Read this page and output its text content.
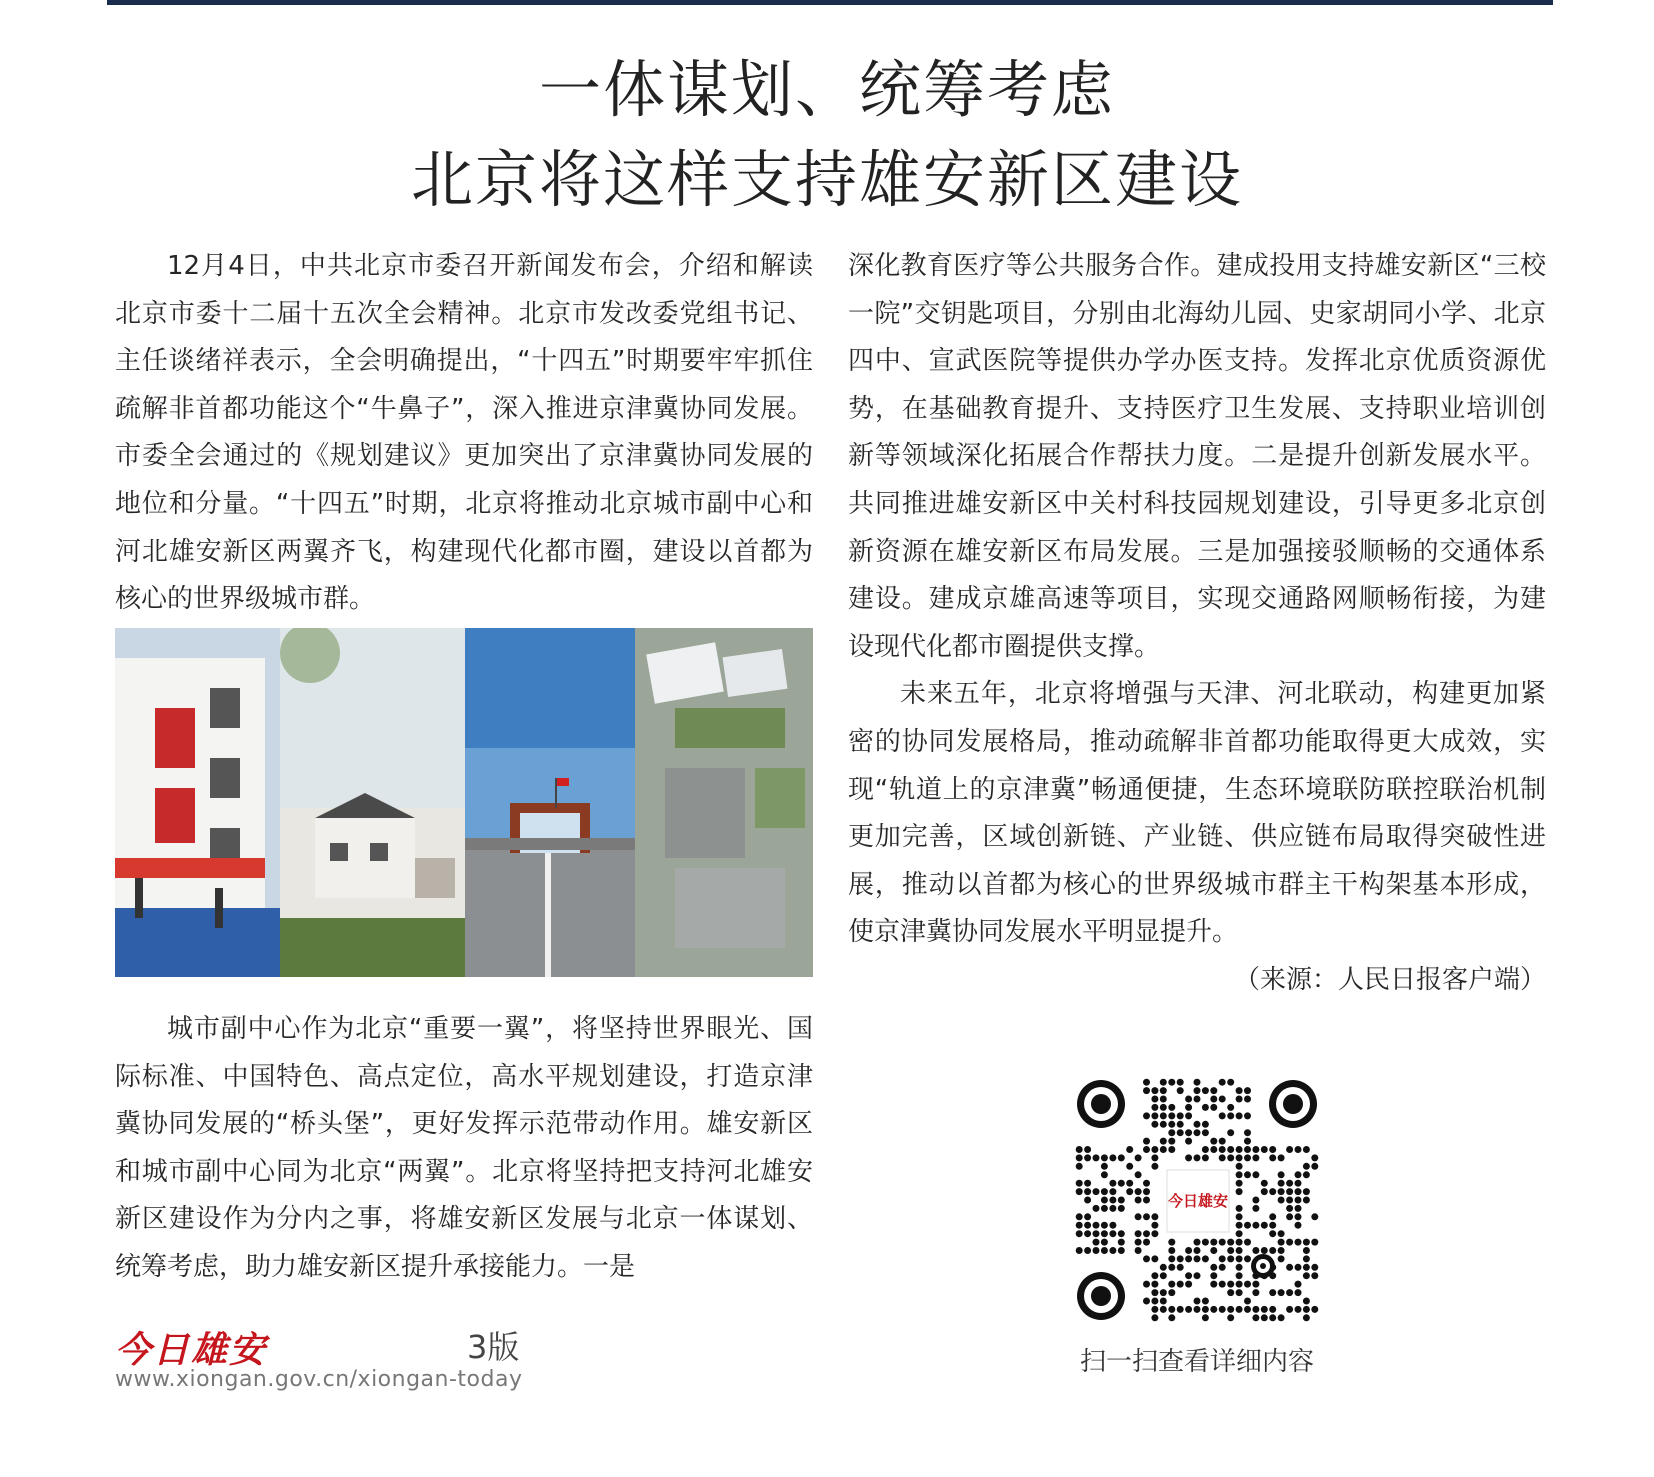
一体谋划、统筹考虑
北京将这样支持雄安新区建设

12月4日，中共北京市委召开新闻发布会，介绍和解读北京市委十二届十五次全会精神。北京市发改委党组书记、主任谈绪祥表示，全会明确提出，“十四五”时期要牢牢抓住疏解非首都功能这个“牛鼻子”，深入推进京津冀协同发展。市委全会通过的《规划建议》更加突出了京津冀协同发展的地位和分量。“十四五”时期，北京将推动北京城市副中心和河北雄安新区两翼齐飞，构建现代化都市圈，建设以首都为核心的世界级城市群。

城市副中心作为北京“重要一翼”，将坚持世界眼光、国际标准、中国特色、高点定位，高水平规划建设，打造京津冀协同发展的“桥头堡”，更好发挥示范带动作用。雄安新区和城市副中心同为北京“两翼”。北京将坚持把支持河北雄安新区建设作为分内之事，将雄安新区发展与北京一体谋划、统筹考虑，助力雄安新区提升承接能力。一是

深化教育医疗等公共服务合作。建成投用支持雄安新区“三校一院”交钥匙项目，分别由北海幼儿园、史家胡同小学、北京四中、宣武医院等提供办学办医支持。发挥北京优质资源优势，在基础教育提升、支持医疗卫生发展、支持职业培训创新等领域深化拓展合作帮扶力度。二是提升创新发展水平。共同推进雄安新区中关村科技园规划建设，引导更多北京创新资源在雄安新区布局发展。三是加强接驳顺畅的交通体系建设。建成京雄高速等项目，实现交通路网顺畅衔接，为建设现代化都市圈提供支撑。

未来五年，北京将增强与天津、河北联动，构建更加紧密的协同发展格局，推动疏解非首都功能取得更大成效，实现“轨道上的京津冀”畅通便捷，生态环境联防联控联治机制更加完善，区域创新链、产业链、供应链布局取得突破性进展，推动以首都为核心的世界级城市群主干构架基本形成，使京津冀协同发展水平明显提升。

（来源：人民日报客户端）

今日雄安	3版
www.xiongan.gov.cn/xiongan-today
今日雄安
扫一扫查看详细内容
